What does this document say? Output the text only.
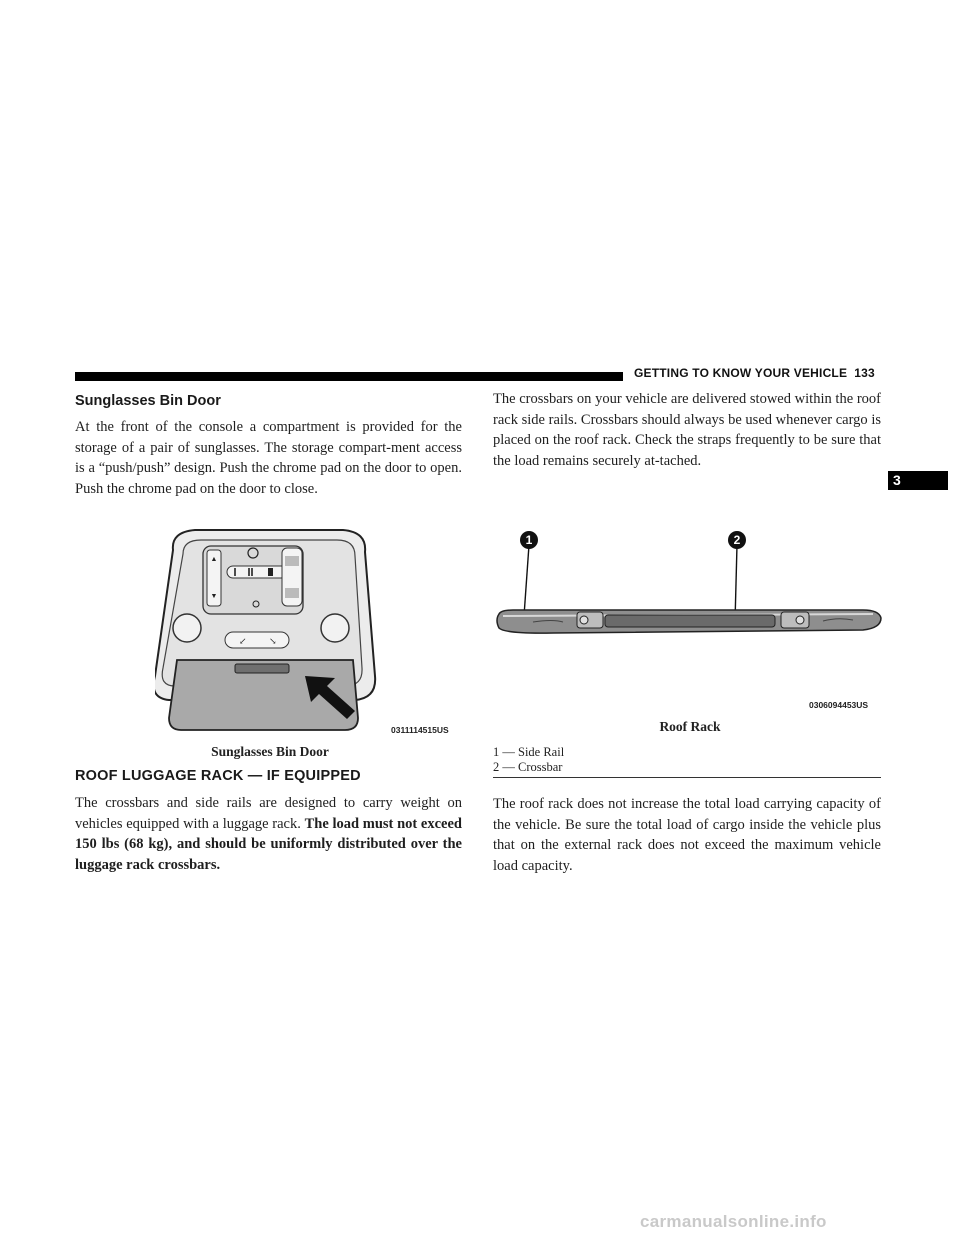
GETTING TO KNOW YOUR VEHICLE 133
3
Sunglasses Bin Door

At the front of the console a compartment is provided for the storage of a pair of sunglasses. The storage compart-ment access is a “push/push” design. Push the chrome pad on the door to open. Push the chrome pad on the door to close.

▲
▼
↙ ↘
0311114515US
Sunglasses Bin Door
ROOF LUGGAGE RACK — IF EQUIPPED

The crossbars and side rails are designed to carry weight on vehicles equipped with a luggage rack. The load must not exceed 150 lbs (68 kg), and should be uniformly distributed over the luggage rack crossbars.

The crossbars on your vehicle are delivered stowed within the roof rack side rails. Crossbars should always be used whenever cargo is placed on the roof rack. Check the straps frequently to be sure that the load remains securely at-tached.

1	2
0306094453US
Roof Rack
1 — Side Rail
2 — Crossbar

The roof rack does not increase the total load carrying capacity of the vehicle. Be sure the total load of cargo inside the vehicle plus that on the external rack does not exceed the maximum vehicle load capacity.

carmanualsonline.info
